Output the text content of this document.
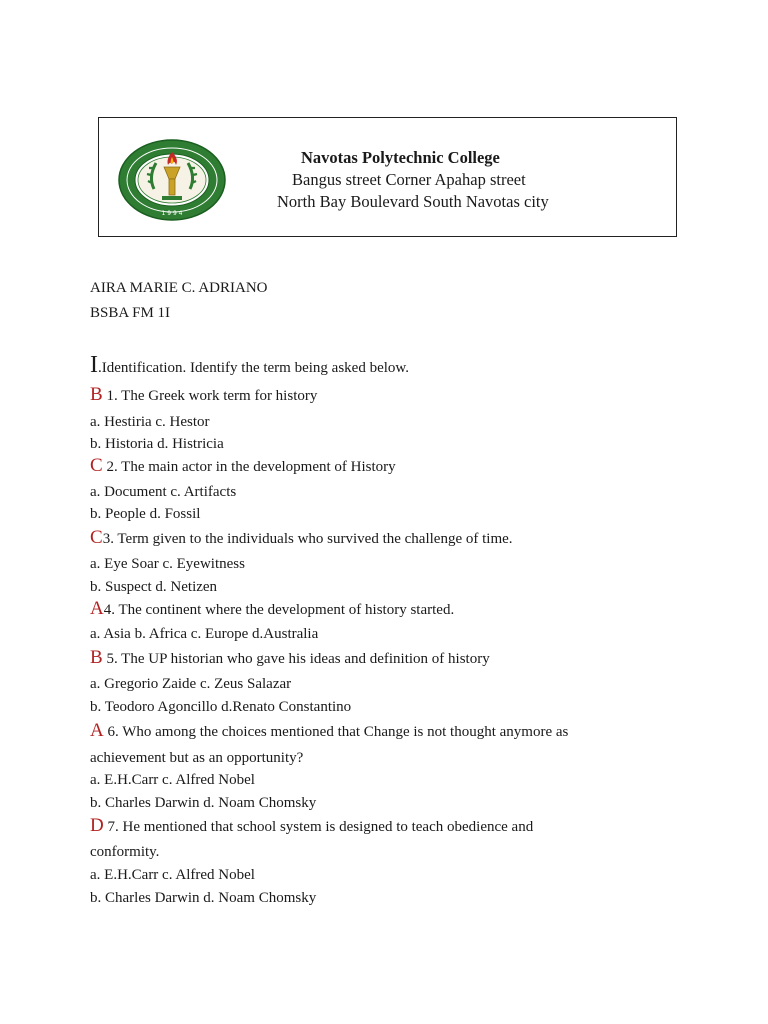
1 9 9 4
Navotas Polytechnic College
Bangus street Corner Apahap street
North Bay Boulevard South Navotas city
AIRA MARIE C. ADRIANO
BSBA FM 1I
I.Identification. Identify the term being asked below.
B 1. The Greek work term for history
a. Hestiria c. Hestor
b. Historia d. Histricia
C 2. The main actor in the development of History
a. Document c. Artifacts
b. People d. Fossil
C3. Term given to the individuals who survived the challenge of time.
a. Eye Soar c. Eyewitness
b. Suspect d. Netizen
A4. The continent where the development of history started.
a. Asia b. Africa c. Europe d.Australia
B 5. The UP historian who gave his ideas and definition of history
a. Gregorio Zaide c. Zeus Salazar
b. Teodoro Agoncillo d.Renato Constantino
A 6. Who among the choices mentioned that Change is not thought anymore as
achievement but as an opportunity?
a. E.H.Carr c. Alfred Nobel
b. Charles Darwin d. Noam Chomsky
D 7. He mentioned that school system is designed to teach obedience and
conformity.
a. E.H.Carr c. Alfred Nobel
b. Charles Darwin d. Noam Chomsky
